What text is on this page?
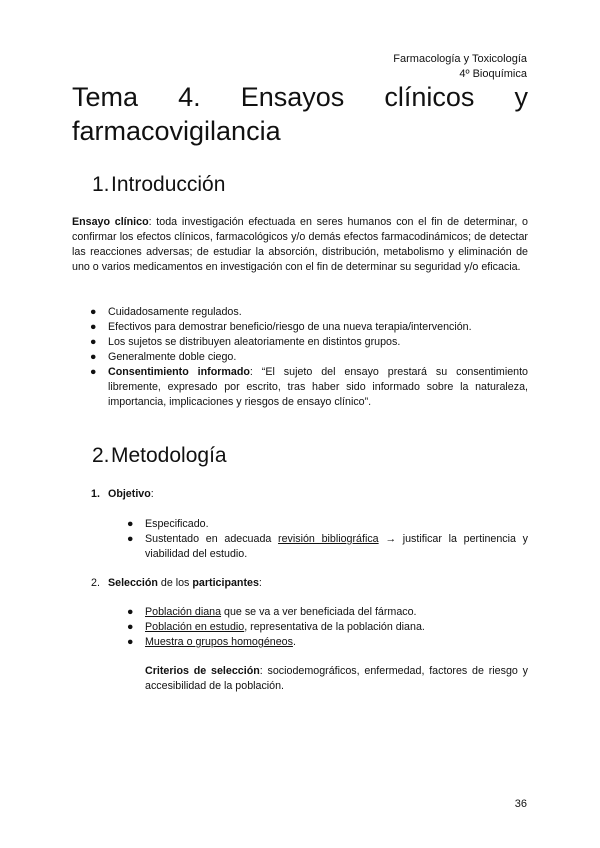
Farmacología y Toxicología
4º Bioquímica
Tema 4. Ensayos clínicos y
farmacovigilancia
1.Introducción

Ensayo clínico: toda investigación efectuada en seres humanos con el fin de determinar, o confirmar los efectos clínicos, farmacológicos y/o demás efectos farmacodinámicos; de detectar las reacciones adversas; de estudiar la absorción, distribución, metabolismo y eliminación de uno o varios medicamentos en investigación con el fin de determinar su seguridad y/o eficacia.

● Cuidadosamente regulados.
● Efectivos para demostrar beneficio/riesgo de una nueva terapia/intervención.
● Los sujetos se distribuyen aleatoriamente en distintos grupos.
● Generalmente doble ciego.
● Consentimiento informado: “El sujeto del ensayo prestará su consentimiento libremente, expresado por escrito, tras haber sido informado sobre la naturaleza, importancia, implicaciones y riesgos de ensayo clínico”.
2.Metodología
1. Objetivo:
● Especificado.
● Sustentado en adecuada revisión bibliográfica → justificar la pertinencia y viabilidad del estudio.
2. Selección de los participantes:
● Población diana que se va a ver beneficiada del fármaco.
● Población en estudio, representativa de la población diana.
● Muestra o grupos homogéneos.

Criterios de selección: sociodemográficos, enfermedad, factores de riesgo y accesibilidad de la población.

36
